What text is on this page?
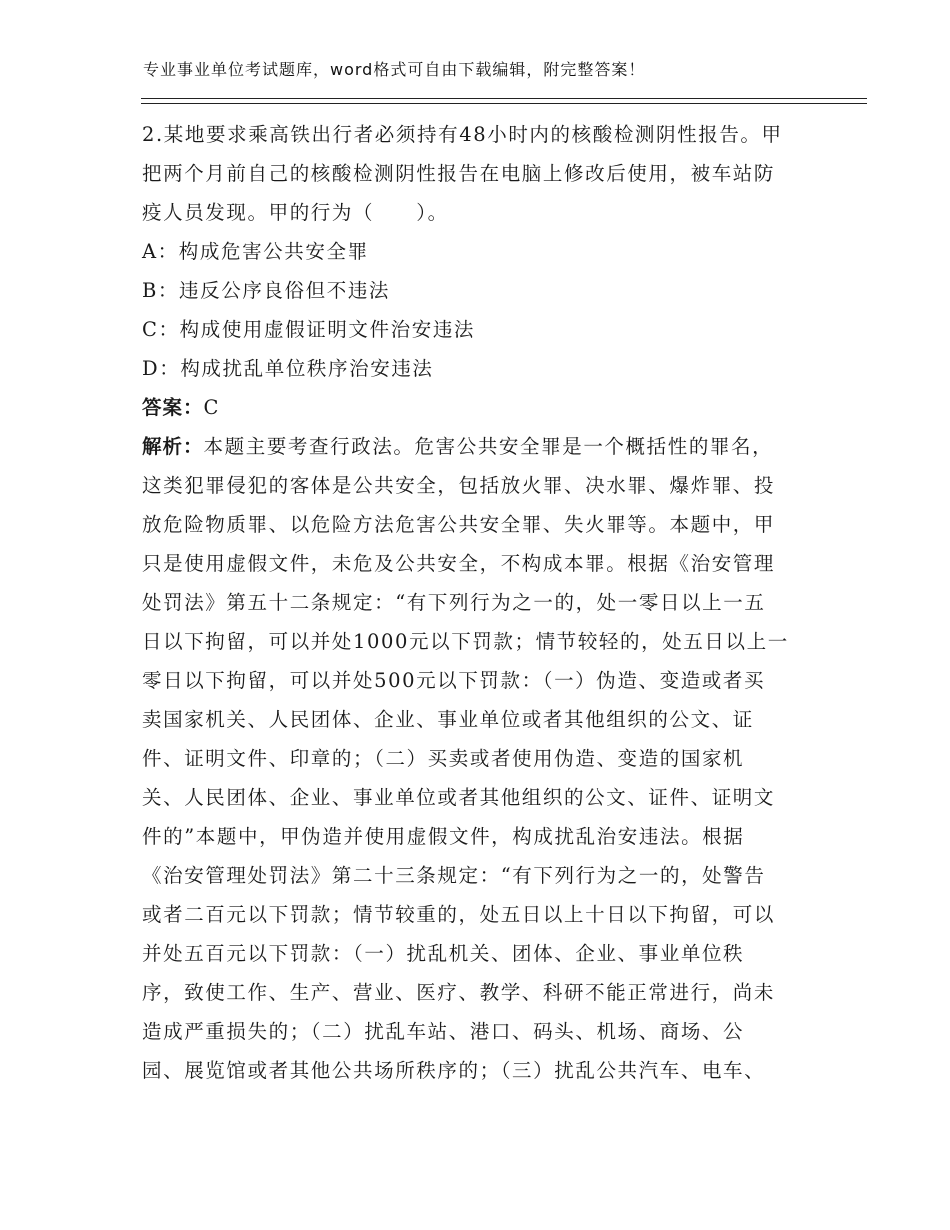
专业事业单位考试题库，word格式可自由下载编辑，附完整答案！
2.某地要求乘高铁出行者必须持有48小时内的核酸检测阴性报告。甲
把两个月前自己的核酸检测阴性报告在电脑上修改后使用，被车站防
疫人员发现。甲的行为（　　）。
A：构成危害公共安全罪
B：违反公序良俗但不违法
C：构成使用虚假证明文件治安违法
D：构成扰乱单位秩序治安违法
答案：C
解析：本题主要考查行政法。危害公共安全罪是一个概括性的罪名，
这类犯罪侵犯的客体是公共安全，包括放火罪、决水罪、爆炸罪、投
放危险物质罪、以危险方法危害公共安全罪、失火罪等。本题中，甲
只是使用虚假文件，未危及公共安全，不构成本罪。根据《治安管理
处罚法》第五十二条规定：“有下列行为之一的，处一零日以上一五
日以下拘留，可以并处1000元以下罚款；情节较轻的，处五日以上一
零日以下拘留，可以并处500元以下罚款：（一）伪造、变造或者买
卖国家机关、人民团体、企业、事业单位或者其他组织的公文、证
件、证明文件、印章的；（二）买卖或者使用伪造、变造的国家机
关、人民团体、企业、事业单位或者其他组织的公文、证件、证明文
件的”本题中，甲伪造并使用虚假文件，构成扰乱治安违法。根据
《治安管理处罚法》第二十三条规定：“有下列行为之一的，处警告
或者二百元以下罚款；情节较重的，处五日以上十日以下拘留，可以
并处五百元以下罚款：（一）扰乱机关、团体、企业、事业单位秩
序，致使工作、生产、营业、医疗、教学、科研不能正常进行，尚未
造成严重损失的；（二）扰乱车站、港口、码头、机场、商场、公
园、展览馆或者其他公共场所秩序的；（三）扰乱公共汽车、电车、
